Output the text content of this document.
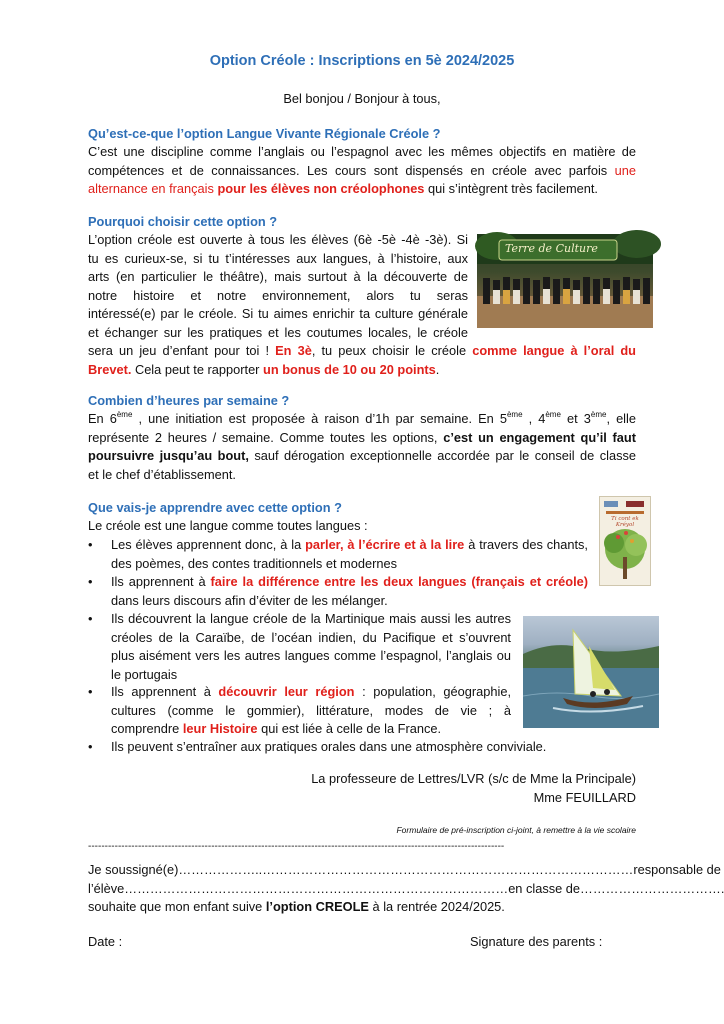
Option Créole : Inscriptions en 5è 2024/2025
Bel bonjou / Bonjour à tous,
Qu’est-ce-que l’option Langue Vivante Régionale Créole ?
C’est une discipline comme l’anglais ou l’espagnol avec les mêmes objectifs en matière de
compétences et de connaissances. Les cours sont dispensés en créole avec parfois une
alternance en français pour les élèves non créolophones qui s’intègrent très facilement.
Pourquoi choisir cette option ?
L’option créole est ouverte à tous les élèves (6è -5è -4è -3è). Si
tu es curieux-se, si tu t’intéresses aux langues, à l’histoire, aux
arts (en particulier le théâtre), mais surtout à la découverte de
notre histoire et notre environnement, alors tu seras
intéressé(e) par le créole. Si tu aimes enrichir ta culture générale
et échanger sur les pratiques et les coutumes locales, le créole
sera un jeu d’enfant pour toi ! En 3è, tu peux choisir le créole comme langue à l’oral du
Brevet. Cela peut te rapporter un bonus de 10 ou 20 points.
Terre de Culture
Combien d’heures par semaine ?
En 6ème , une initiation est proposée à raison d’1h par semaine. En 5ème , 4ème et 3ème, elle
représente 2 heures / semaine. Comme toutes les options, c’est un engagement qu’il faut
poursuivre jusqu’au bout, sauf dérogation exceptionnelle accordée par le conseil de classe
et le chef d’établissement.
Que vais-je apprendre avec cette option ?
Le créole est une langue comme toutes langues :
• Les élèves apprennent donc, à la parler, à l’écrire et à la lire à travers des chants,
des poèmes, des contes traditionnels et modernes
• Ils apprennent à faire la différence entre les deux langues (français et créole)
dans leurs discours afin d’éviter de les mélanger.
• Ils découvrent la langue créole de la Martinique mais aussi les autres
créoles de la Caraïbe, de l’océan indien, du Pacifique et s’ouvrent
plus aisément vers les autres langues comme l’espagnol, l’anglais ou
le portugais
• Ils apprennent à découvrir leur région : population, géographie,
cultures (comme le gommier), littérature, modes de vie ; à
comprendre leur Histoire qui est liée à celle de la France.
• Ils peuvent s’entraîner aux pratiques orales dans une atmosphère conviviale.
Ti cont ek Kréyol
La professeure de Lettres/LVR (s/c de Mme la Principale)
Mme FEUILLARD
Formulaire de pré-inscription ci-joint, à remettre à la vie scolaire
-----------------------------------------------------------------------------------------------------------------------------
Je soussigné(e) ………………..…………………………………………………………………………… responsable de
l’élève ……………………………………………………………………………… en classe de …………………………….
souhaite que mon enfant suive l’option CREOLE à la rentrée 2024/2025.
Date :	Signature des parents :
